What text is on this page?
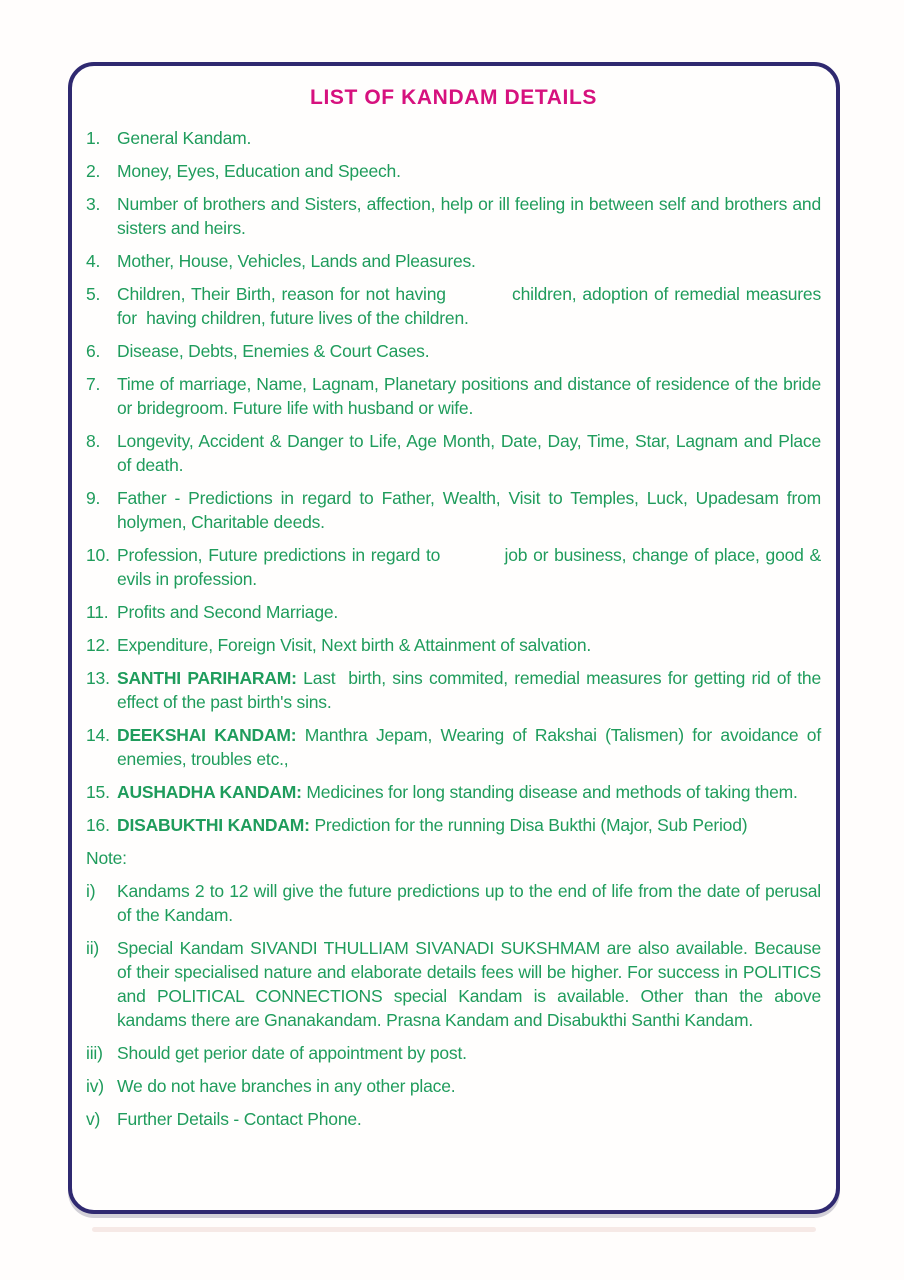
LIST OF KANDAM DETAILS
1. General Kandam.
2. Money, Eyes, Education and Speech.
3. Number of brothers and Sisters, affection, help or ill feeling in between self and brothers and sisters and heirs.
4. Mother, House, Vehicles, Lands and Pleasures.
5. Children, Their Birth, reason for not having           children, adoption of remedial measures for  having children, future lives of the children.
6. Disease, Debts, Enemies & Court Cases.
7. Time of marriage, Name, Lagnam, Planetary positions and distance of residence of the bride or bridegroom. Future life with husband or wife.
8. Longevity, Accident & Danger to Life, Age Month, Date, Day, Time, Star, Lagnam and Place of death.
9. Father - Predictions in regard to Father, Wealth, Visit to Temples, Luck, Upadesam from holymen, Charitable deeds.
10. Profession, Future predictions in regard to           job or business, change of place, good & evils in profession.
11. Profits and Second Marriage.
12. Expenditure, Foreign Visit, Next birth & Attainment of salvation.
13. SANTHI PARIHARAM: Last  birth, sins commited, remedial measures for getting rid of the effect of the past birth's sins.
14. DEEKSHAI KANDAM: Manthra Jepam, Wearing of Rakshai (Talismen) for avoidance of enemies, troubles etc.,
15. AUSHADHA KANDAM: Medicines for long standing disease and methods of taking them.
16. DISABUKTHI KANDAM: Prediction for the running Disa Bukthi (Major, Sub Period)
Note:
i) Kandams 2 to 12 will give the future predictions up to the end of life from the date of perusal of the Kandam.
ii) Special Kandam SIVANDI THULLIAM SIVANADI SUKSHMAM are also available. Because of their specialised nature and elaborate details fees will be higher. For success in POLITICS and POLITICAL CONNECTIONS special Kandam is available. Other than the above kandams there are Gnanakandam. Prasna Kandam and Disabukthi Santhi Kandam.
iii) Should get perior date of appointment by post.
iv) We do not have branches in any other place.
v) Further Details - Contact Phone.
